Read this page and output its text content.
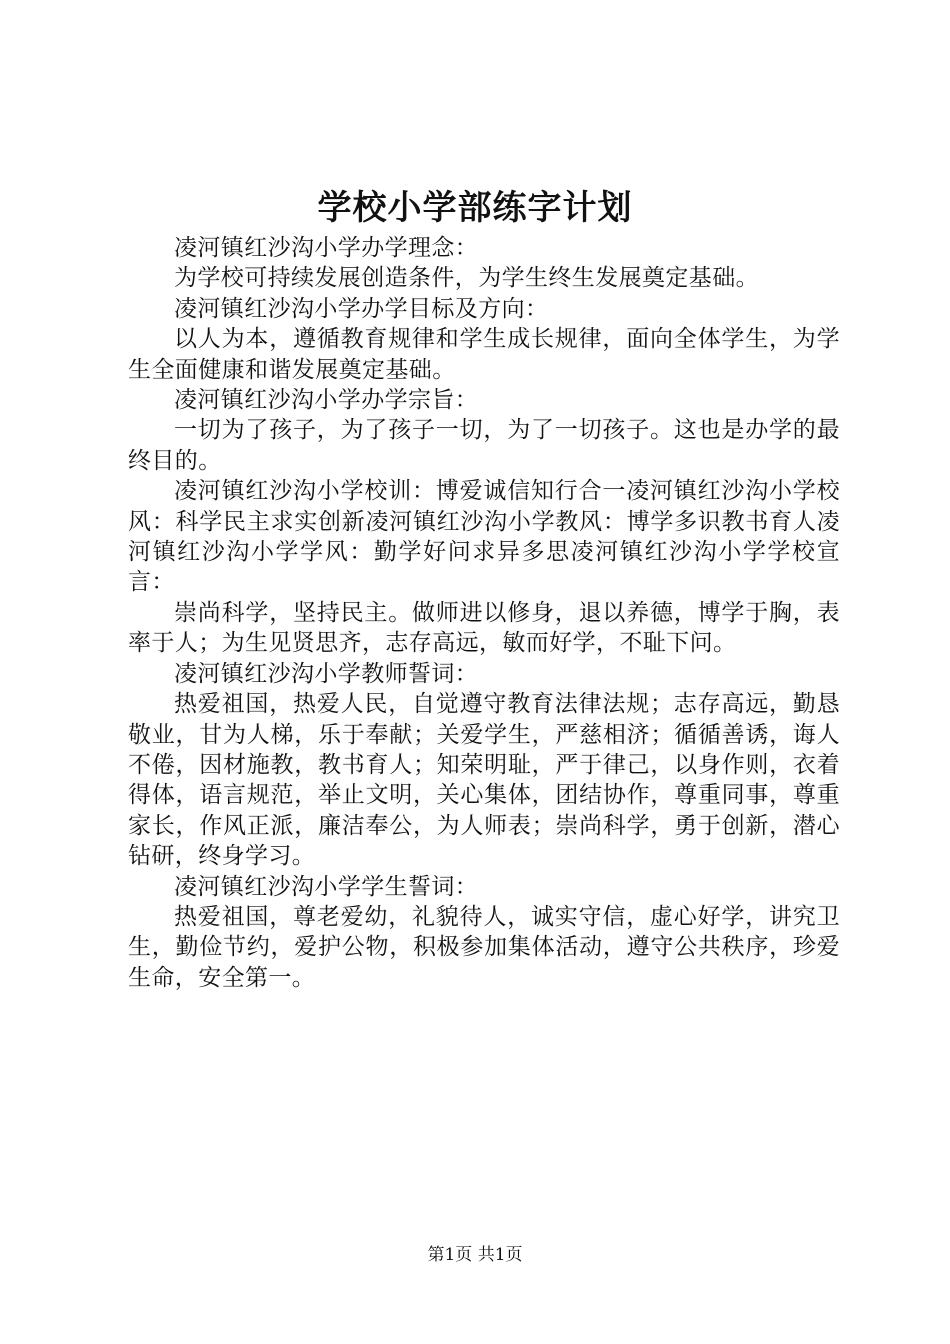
学校小学部练字计划

凌河镇红沙沟小学办学理念：

为学校可持续发展创造条件，为学生终生发展奠定基础。

凌河镇红沙沟小学办学目标及方向：

以人为本，遵循教育规律和学生成长规律，面向全体学生，为学生全面健康和谐发展奠定基础。

凌河镇红沙沟小学办学宗旨：

一切为了孩子，为了孩子一切，为了一切孩子。这也是办学的最终目的。

凌河镇红沙沟小学校训：博爱诚信知行合一凌河镇红沙沟小学校风：科学民主求实创新凌河镇红沙沟小学教风：博学多识教书育人凌河镇红沙沟小学学风：勤学好问求异多思凌河镇红沙沟小学学校宣言：

崇尚科学，坚持民主。做师进以修身，退以养德，博学于胸，表率于人；为生见贤思齐，志存高远，敏而好学，不耻下问。

凌河镇红沙沟小学教师誓词：

热爱祖国，热爱人民，自觉遵守教育法律法规；志存高远，勤恳敬业，甘为人梯，乐于奉献；关爱学生，严慈相济；循循善诱，诲人不倦，因材施教，教书育人；知荣明耻，严于律己，以身作则，衣着得体，语言规范，举止文明，关心集体，团结协作，尊重同事，尊重家长，作风正派，廉洁奉公，为人师表；崇尚科学，勇于创新，潜心钻研，终身学习。

凌河镇红沙沟小学学生誓词：

热爱祖国，尊老爱幼，礼貌待人，诚实守信，虚心好学，讲究卫生，勤俭节约，爱护公物，积极参加集体活动，遵守公共秩序，珍爱生命，安全第一。

第1页 共1页
